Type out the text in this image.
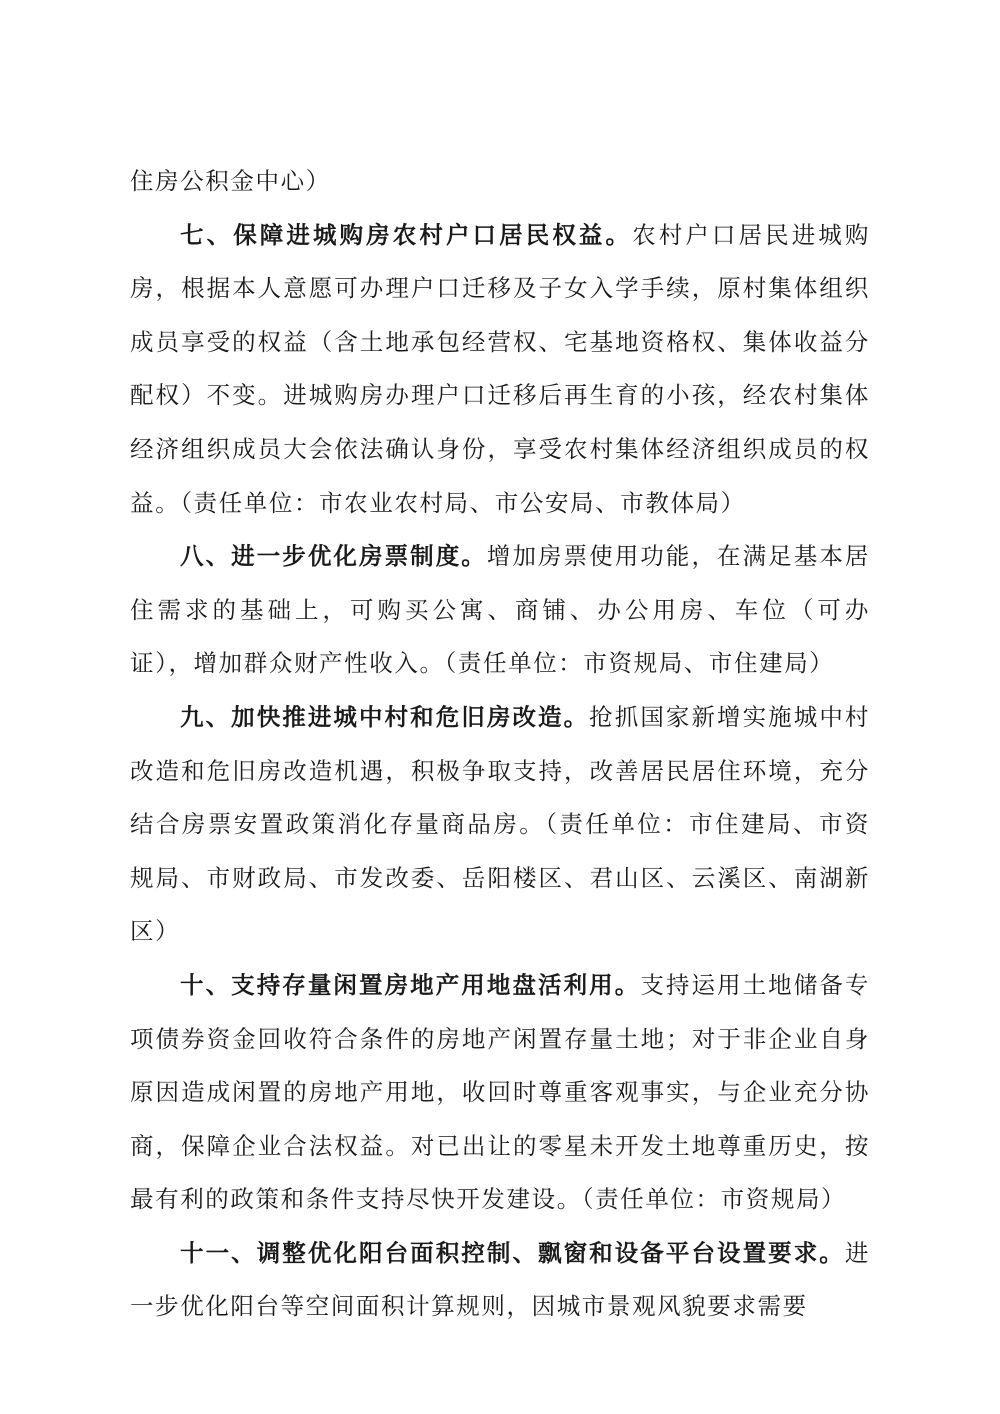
住房公积金中心）

七、保障进城购房农村户口居民权益。农村户口居民进城购房，根据本人意愿可办理户口迁移及子女入学手续，原村集体组织成员享受的权益（含土地承包经营权、宅基地资格权、集体收益分配权）不变。进城购房办理户口迁移后再生育的小孩，经农村集体经济组织成员大会依法确认身份，享受农村集体经济组织成员的权益。（责任单位：市农业农村局、市公安局、市教体局）

八、进一步优化房票制度。增加房票使用功能，在满足基本居住需求的基础上，可购买公寓、商铺、办公用房、车位（可办证），增加群众财产性收入。（责任单位：市资规局、市住建局）

九、加快推进城中村和危旧房改造。抢抓国家新增实施城中村改造和危旧房改造机遇，积极争取支持，改善居民居住环境，充分结合房票安置政策消化存量商品房。（责任单位：市住建局、市资规局、市财政局、市发改委、岳阳楼区、君山区、云溪区、南湖新区）

十、支持存量闲置房地产用地盘活利用。支持运用土地储备专项债券资金回收符合条件的房地产闲置存量土地；对于非企业自身原因造成闲置的房地产用地，收回时尊重客观事实，与企业充分协商，保障企业合法权益。对已出让的零星未开发土地尊重历史，按最有利的政策和条件支持尽快开发建设。（责任单位：市资规局）

十一、调整优化阳台面积控制、飘窗和设备平台设置要求。进一步优化阳台等空间面积计算规则，因城市景观风貌要求需要
